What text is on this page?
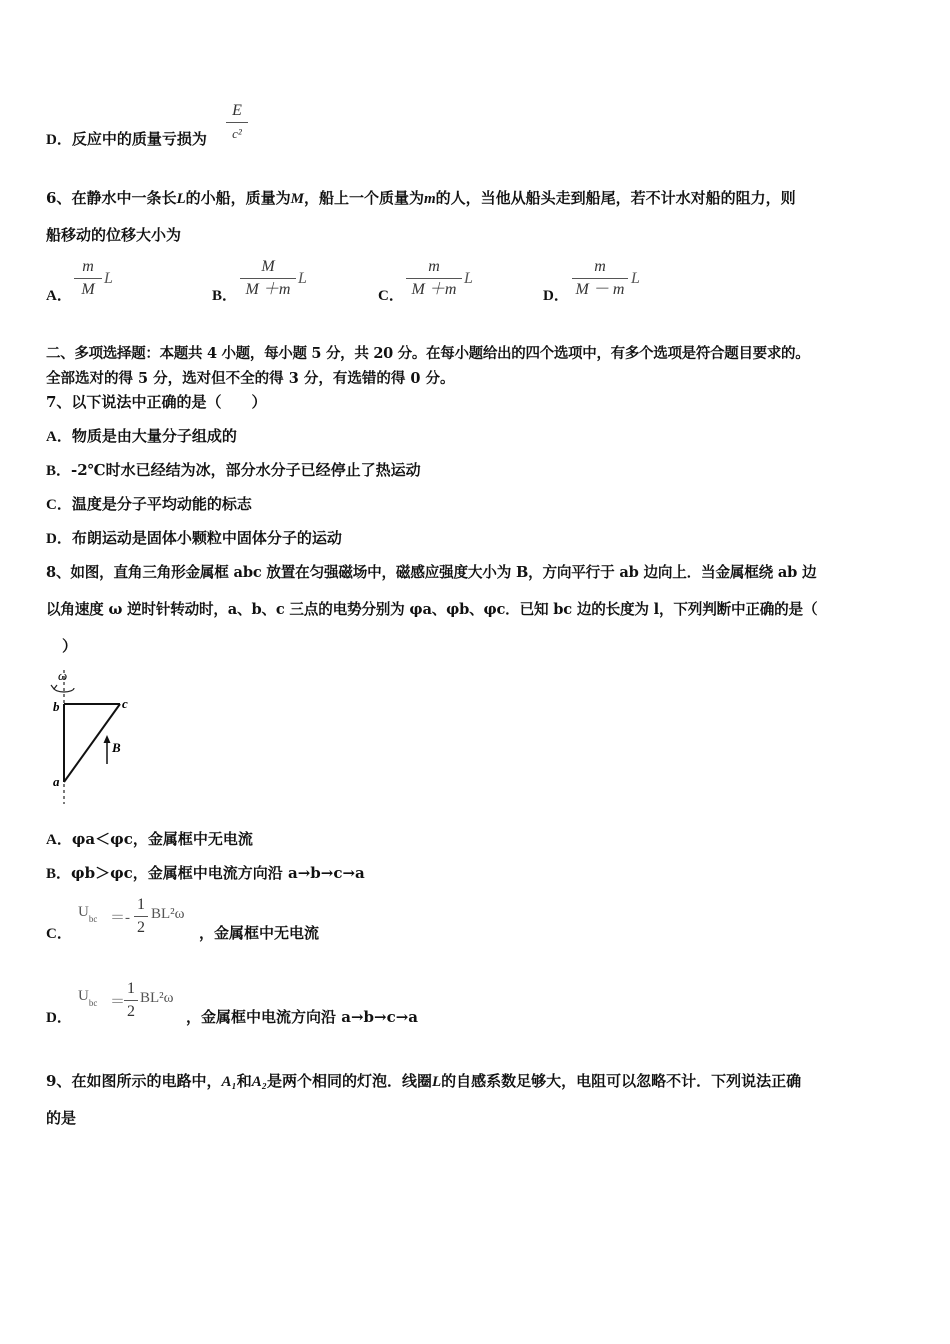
D．反应中的质量亏损为
E
c²
6、在静水中一条长L的小船，质量为M，船上一个质量为m的人，当他从船头走到船尾，若不计水对船的阻力，则
船移动的位移大小为
A．
m
M
L
B．
M
M ＋m
L
C．
m
M ＋m
L
D．
m
M － m
L
二、多项选择题：本题共 4 小题，每小题 5 分，共 20 分。在每小题给出的四个选项中，有多个选项是符合题目要求的。
全部选对的得 5 分，选对但不全的得 3 分，有选错的得 0 分。
7、以下说法中正确的是（　　）
A．物质是由大量分子组成的
B．-2℃时水已经结为冰，部分水分子已经停止了热运动
C．温度是分子平均动能的标志
D．布朗运动是固体小颗粒中固体分子的运动
8、如图，直角三角形金属框 abc 放置在匀强磁场中，磁感应强度大小为 B，方向平行于 ab 边向上．当金属框绕 ab 边
以角速度 ω 逆时针转动时，a、b、c 三点的电势分别为 φa、φb、φc．已知 bc 边的长度为 l，下列判断中正确的是（
）
ω
b	c
a
B
A．φa＜φc，金属框中无电流
B．φb＞φc，金属框中电流方向沿 a→b→c→a
C．
$U_{bc}$ ＝-
1
2
BL²ω
，金属框中无电流
D．
$U_{bc}$ ＝
1
2
BL²ω
，金属框中电流方向沿 a→b→c→a
9、在如图所示的电路中，A₁和A₂是两个相同的灯泡．线圈L的自感系数足够大，电阻可以忽略不计．下列说法正确
的是
